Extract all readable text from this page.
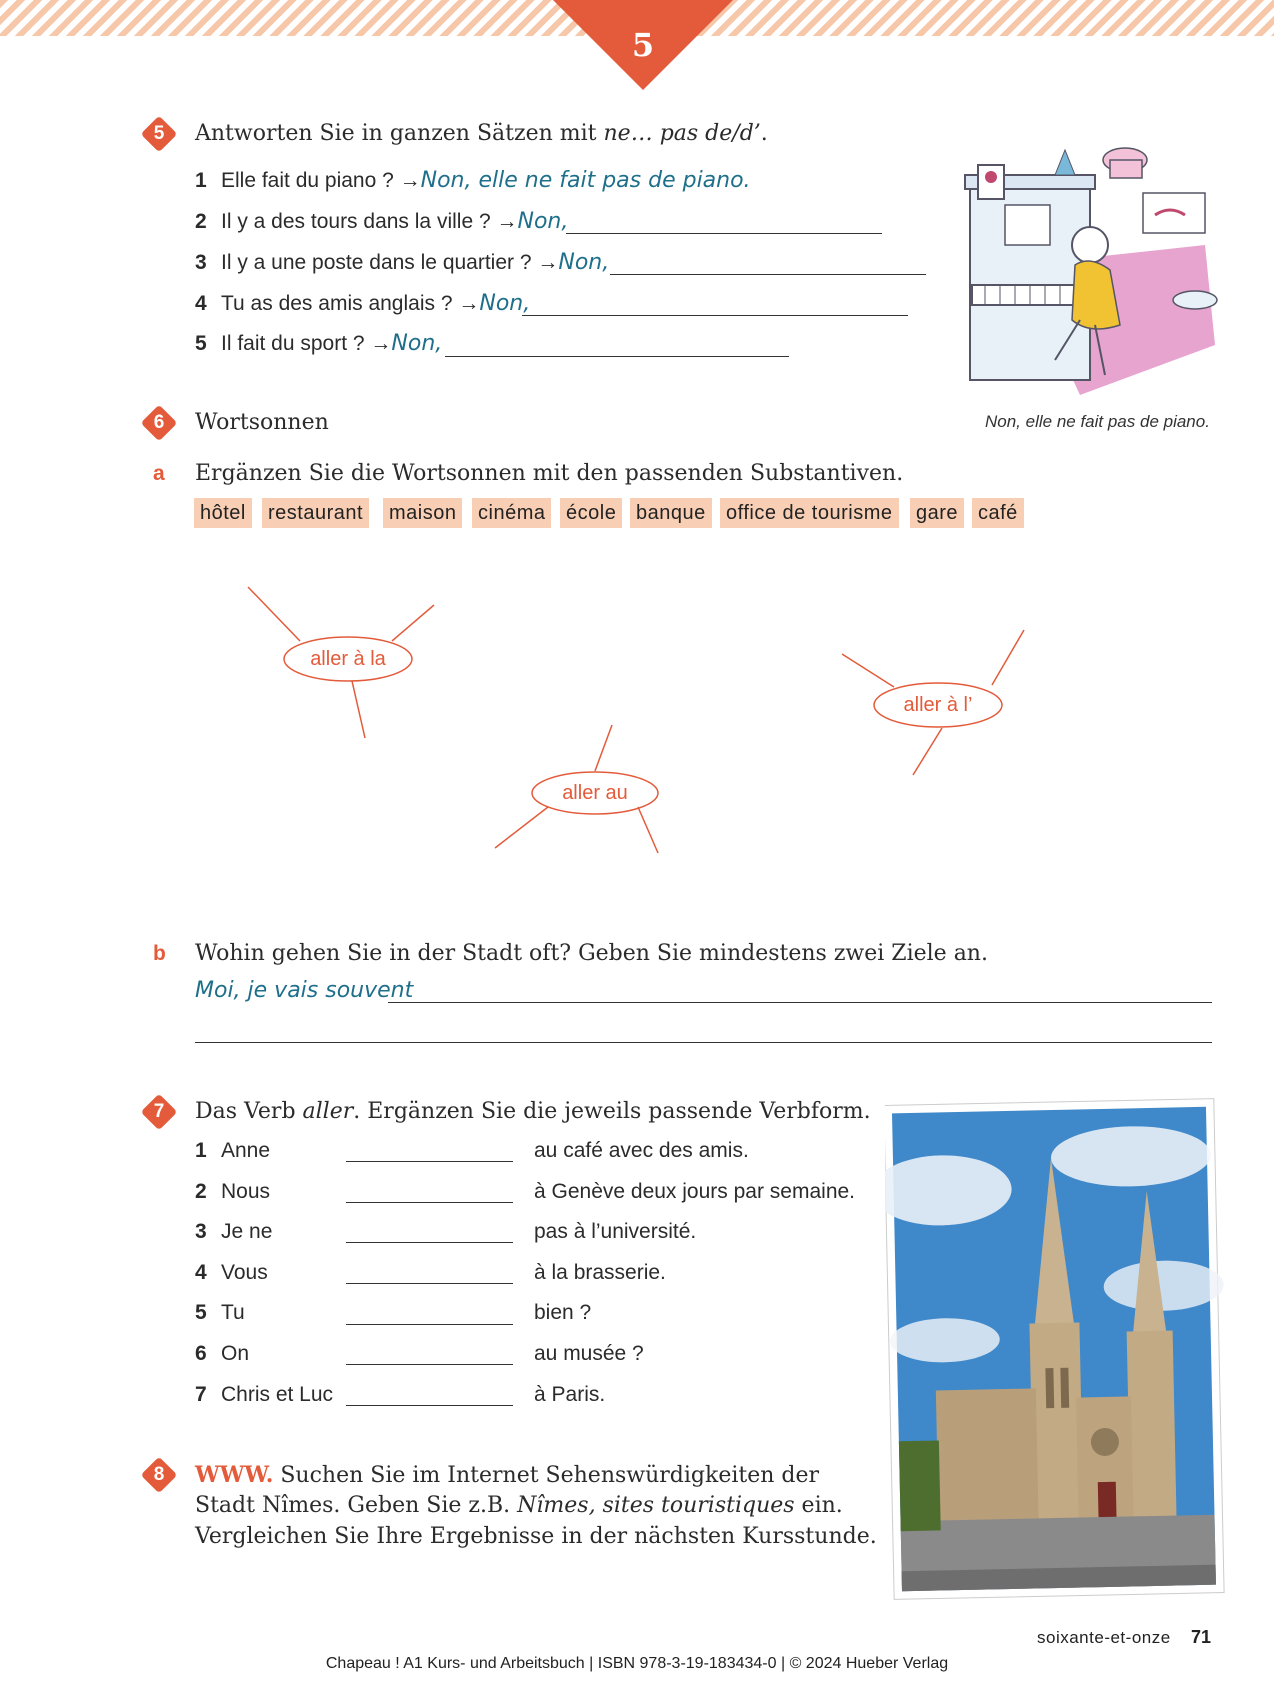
5
5	Antworten Sie in ganzen Sätzen mit ne… pas de/d’.
1 Elle fait du piano ? →Non, elle ne fait pas de piano.
2 Il y a des tours dans la ville ? →Non,
3 Il y a une poste dans le quartier ? →Non,
4 Tu as des amis anglais ? →Non,
5 Il fait du sport ? →Non,
Non, elle ne fait pas de piano.
6	Wortsonnen
a Ergänzen Sie die Wortsonnen mit den passenden Substantiven.
hôtel	restaurant	maison	cinéma	école banque	office de tourisme	gare café
aller à la
aller à l’
aller au
b Wohin gehen Sie in der Stadt oft? Geben Sie mindestens zwei Ziele an.
Moi, je vais souvent
7	Das Verb aller. Ergänzen Sie die jeweils passende Verbform.
1 Anne	au café avec des amis.
2 Nous	à Genève deux jours par semaine.
3 Je ne	pas à l’université.
4 Vous	à la brasserie.
5 Tu	bien ?
6 On	au musée ?
7 Chris et Luc	à Paris.
8	WWW. Suchen Sie im Internet Sehenswürdigkeiten der
Stadt Nîmes. Geben Sie z.B. Nîmes, sites touristiques ein.
Vergleichen Sie Ihre Ergebnisse in der nächsten Kursstunde.
soixante-et-onze 71
Chapeau ! A1 Kurs- und Arbeitsbuch | ISBN 978-3-19-183434-0 | © 2024 Hueber Verlag
